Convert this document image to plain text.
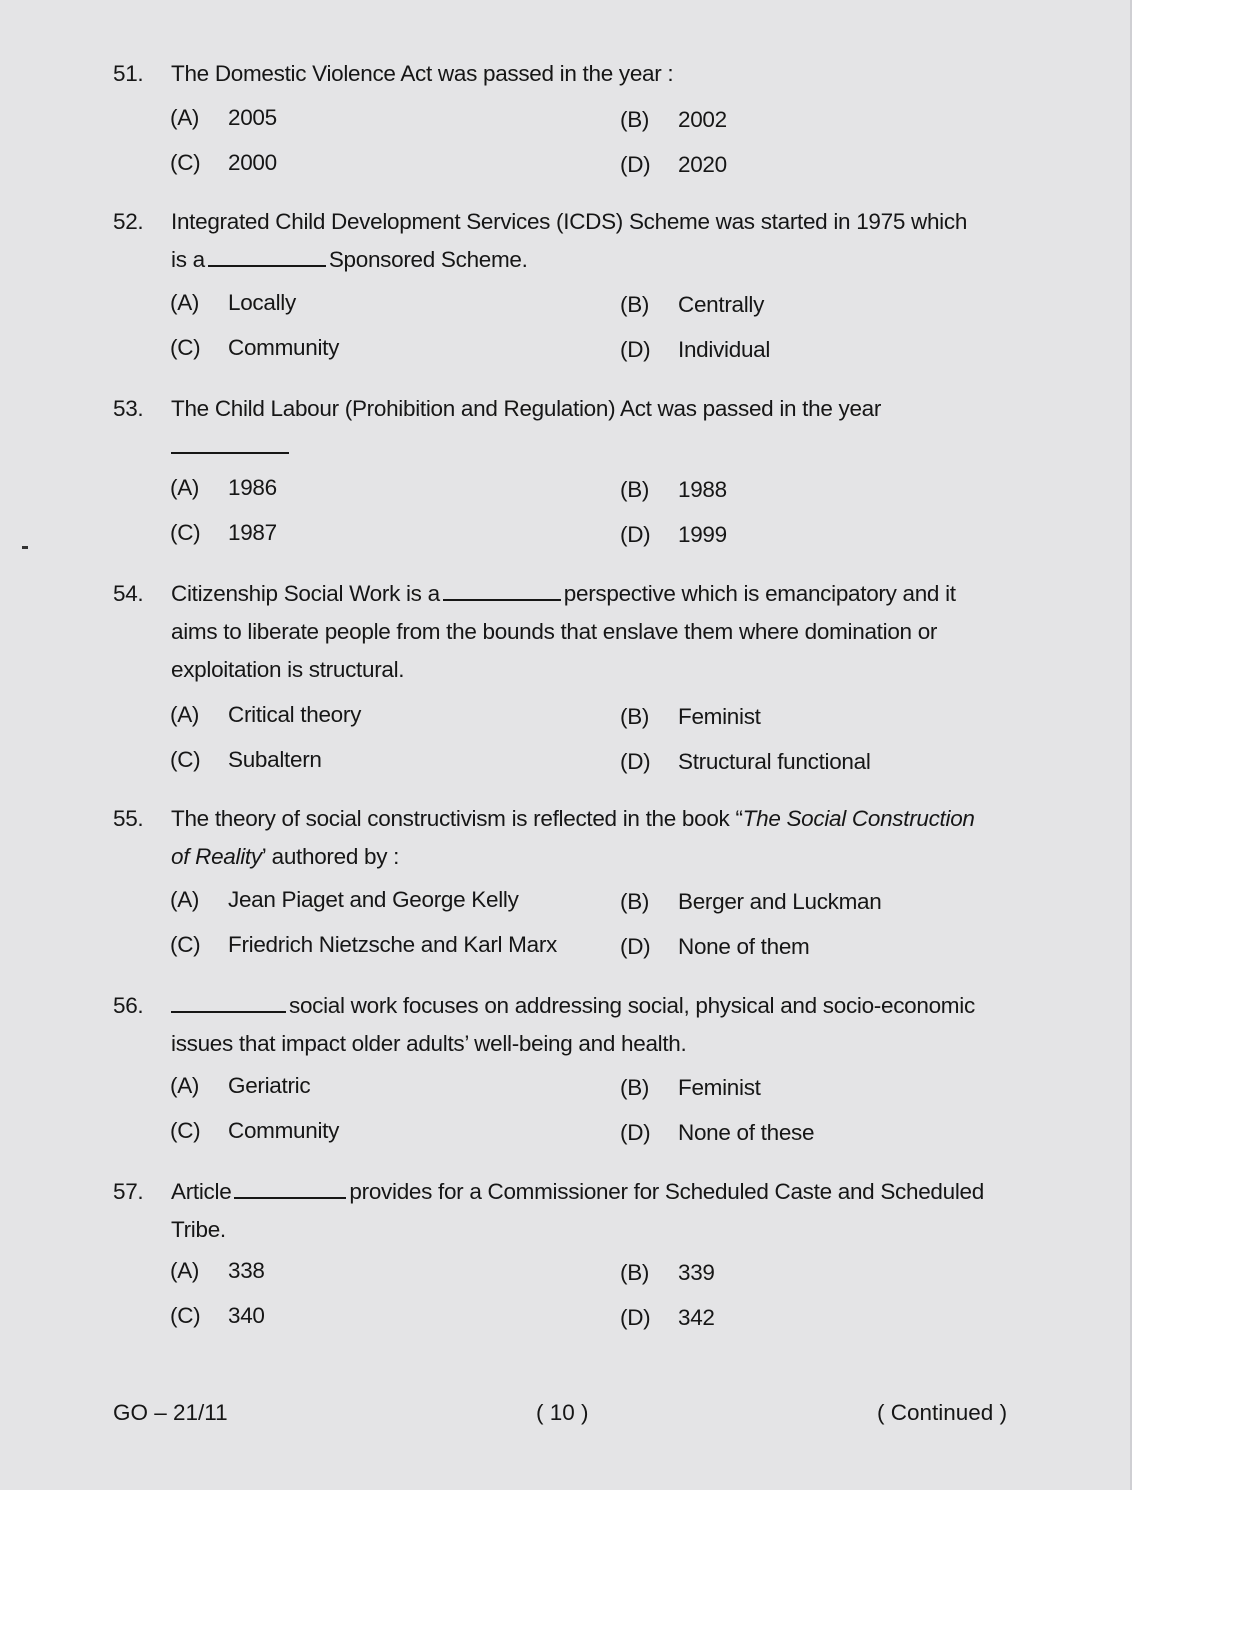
51.	The Domestic Violence Act was passed in the year :
(A) 2005	(B) 2002
(C) 2000	(D) 2020
52.	Integrated Child Development Services (ICDS) Scheme was started in 1975 which
is a	Sponsored Scheme.
(A) Locally	(B) Centrally
(C) Community	(D) Individual
53.	The Child Labour (Prohibition and Regulation) Act was passed in the year

(A) 1986	(B) 1988
(C) 1987	(D) 1999
54.	Citizenship Social Work is a	perspective which is emancipatory and it
aims to liberate people from the bounds that enslave them where domination or
exploitation is structural.
(A) Critical theory	(B) Feminist
(C) Subaltern	(D) Structural functional
55.	The theory of social constructivism is reflected in the book “The Social Construction
of Reality’ authored by :
(A) Jean Piaget and George Kelly	(B) Berger and Luckman
(C) Friedrich Nietzsche and Karl Marx	(D) None of them
56.	social work focuses on addressing social, physical and socio-economic
issues that impact older adults’ well-being and health.
(A) Geriatric	(B) Feminist
(C) Community	(D) None of these
57.	Article	provides for a Commissioner for Scheduled Caste and Scheduled
Tribe.
(A) 338	(B) 339
(C) 340	(D) 342
GO – 21/11	( 10 )	( Continued )
